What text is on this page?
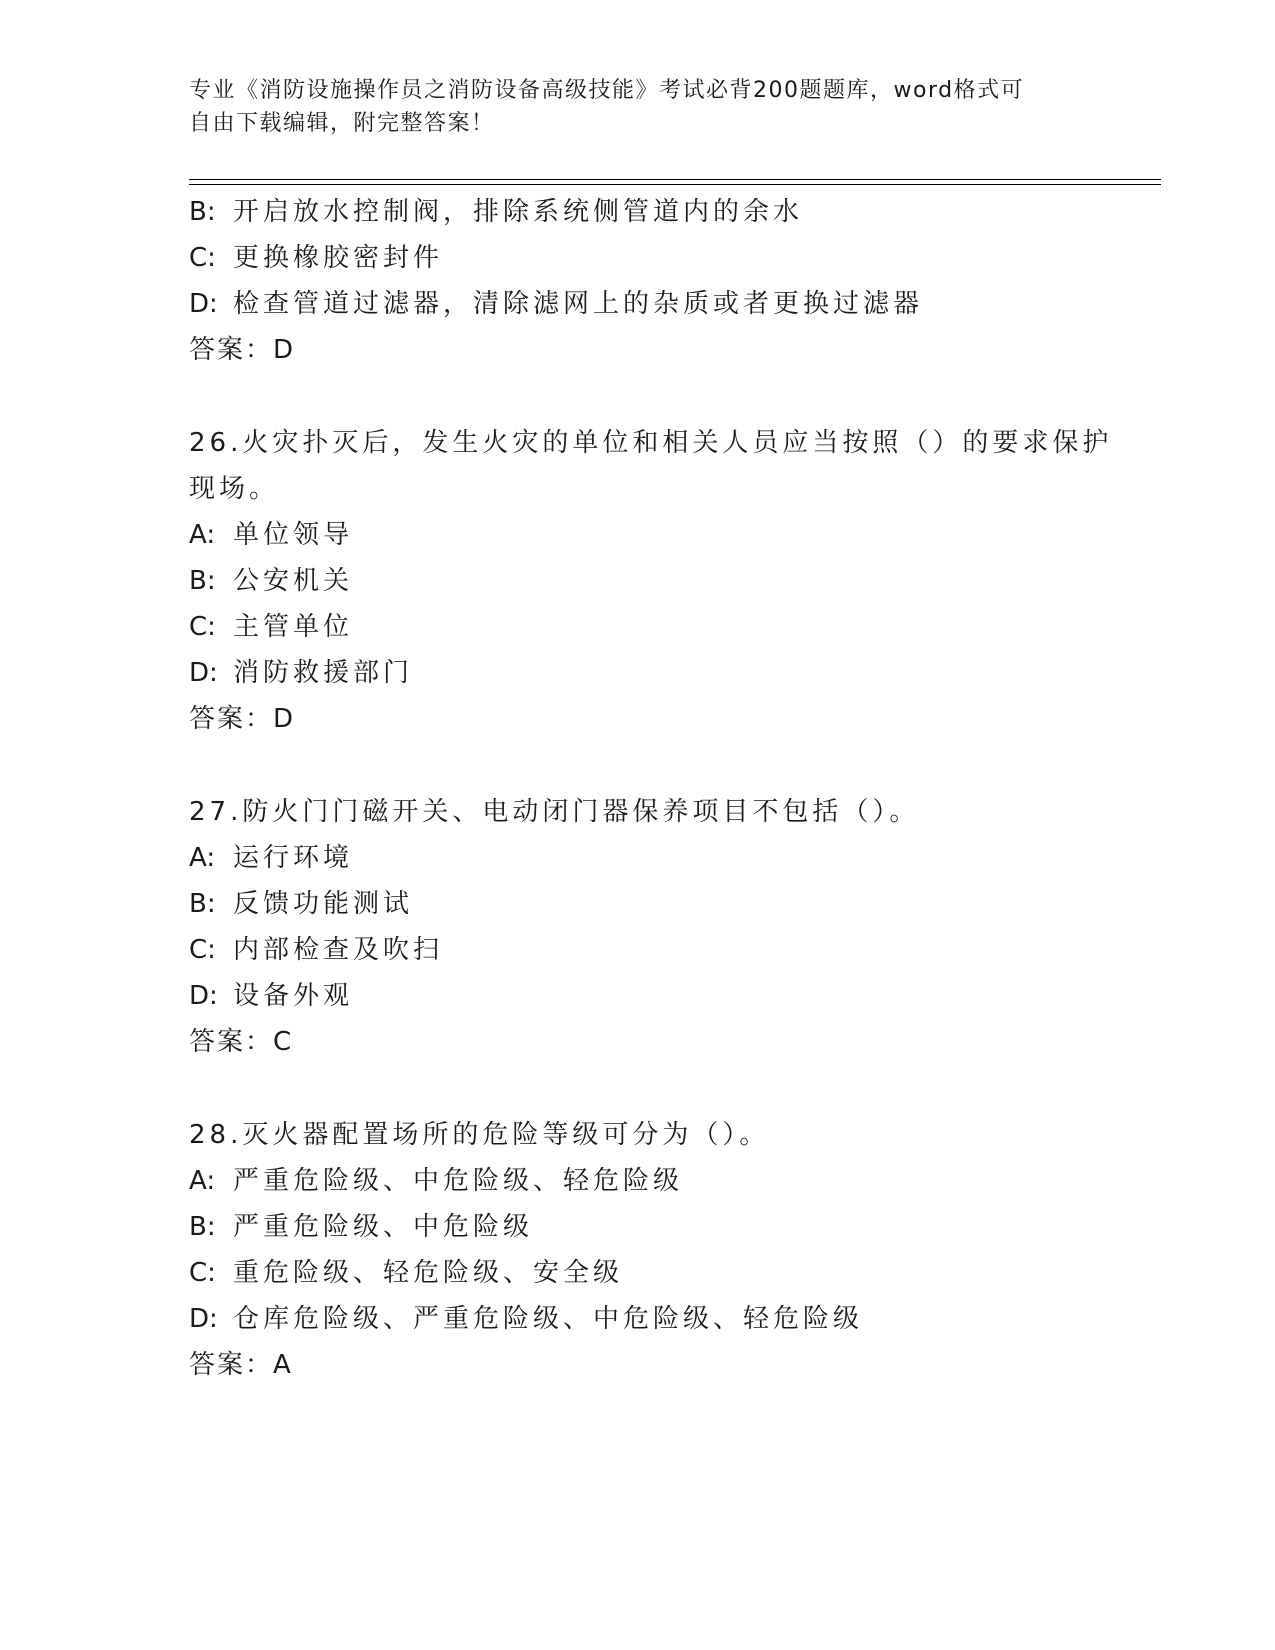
专业《消防设施操作员之消防设备高级技能》考试必背200题题库，word格式可
自由下载编辑，附完整答案！
B: 开启放水控制阀，排除系统侧管道内的余水
C: 更换橡胶密封件
D: 检查管道过滤器，清除滤网上的杂质或者更换过滤器
答案：D
26.火灾扑灭后，发生火灾的单位和相关人员应当按照（）的要求保护
现场。
A: 单位领导
B: 公安机关
C: 主管单位
D: 消防救援部门
答案：D
27.防火门门磁开关、电动闭门器保养项目不包括（）。
A: 运行环境
B: 反馈功能测试
C: 内部检查及吹扫
D: 设备外观
答案：C
28.灭火器配置场所的危险等级可分为（）。
A: 严重危险级、中危险级、轻危险级
B: 严重危险级、中危险级
C: 重危险级、轻危险级、安全级
D: 仓库危险级、严重危险级、中危险级、轻危险级
答案：A
